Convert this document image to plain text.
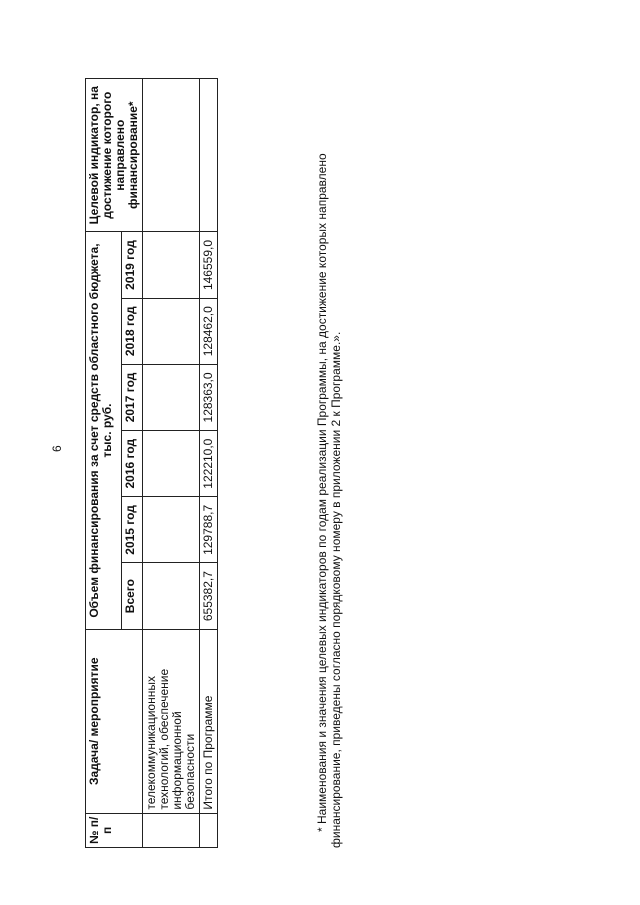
6
№ п/п	Задача/ мероприятие	Объем финансирования за счет средств областного бюджета, тыс. руб.						Целевой индикатор, на достижение которого направлено финансирование*
		Всего	2015 год	2016 год	2017 год	2018 год	2019 год	
	телекоммуникационных технологий, обеспечение информационной безопасности							
	Итого по Программе	655382,7	129788,7	122210,0	128363,0	128462,0	146559,0		* Наименования и значения целевых индикаторов по годам реализации Программы, на достижение которых направлено финансирование, приведены согласно порядковому номеру в приложении 2 к Программе.».
